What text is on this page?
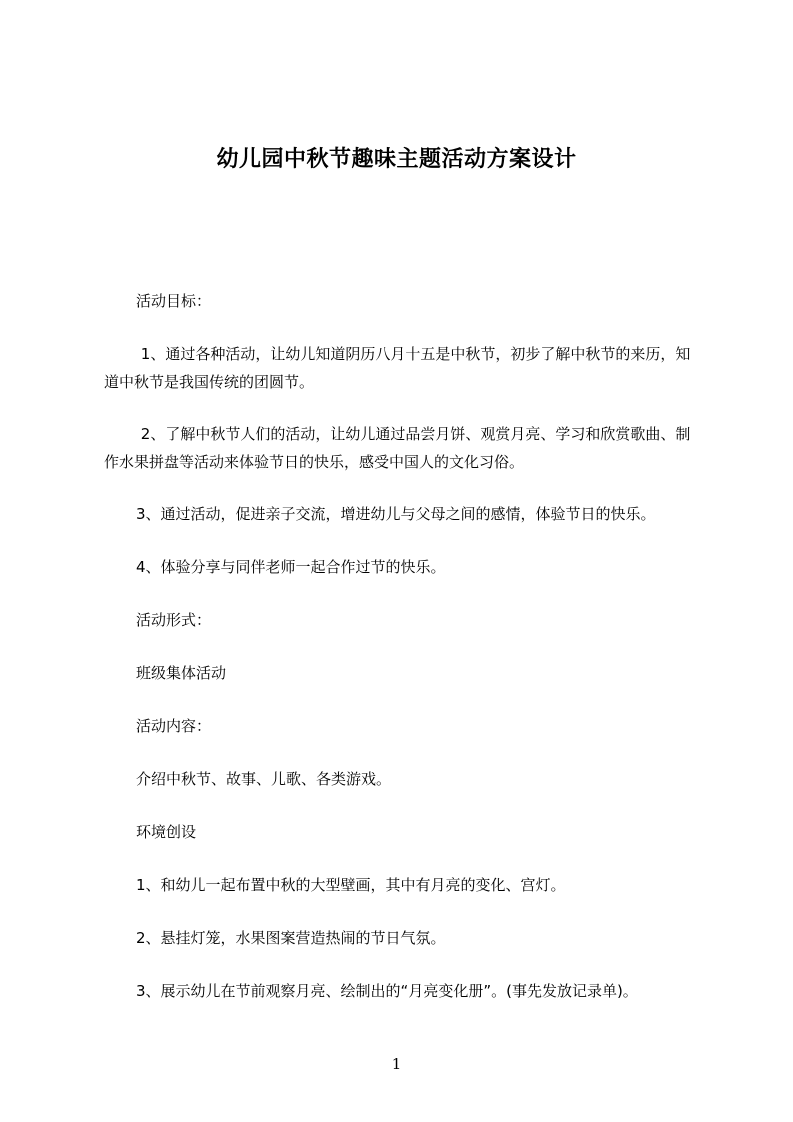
幼儿园中秋节趣味主题活动方案设计
活动目标：
1、通过各种活动，让幼儿知道阴历八月十五是中秋节，初步了解中秋节的来历，知道中秋节是我国传统的团圆节。
2、了解中秋节人们的活动，让幼儿通过品尝月饼、观赏月亮、学习和欣赏歌曲、制作水果拼盘等活动来体验节日的快乐，感受中国人的文化习俗。
3、通过活动，促进亲子交流，增进幼儿与父母之间的感情，体验节日的快乐。
4、体验分享与同伴老师一起合作过节的快乐。
活动形式：
班级集体活动
活动内容：
介绍中秋节、故事、儿歌、各类游戏。
环境创设
1、和幼儿一起布置中秋的大型壁画，其中有月亮的变化、宫灯。
2、悬挂灯笼，水果图案营造热闹的节日气氛。
3、展示幼儿在节前观察月亮、绘制出的“月亮变化册”。(事先发放记录单)。
1
